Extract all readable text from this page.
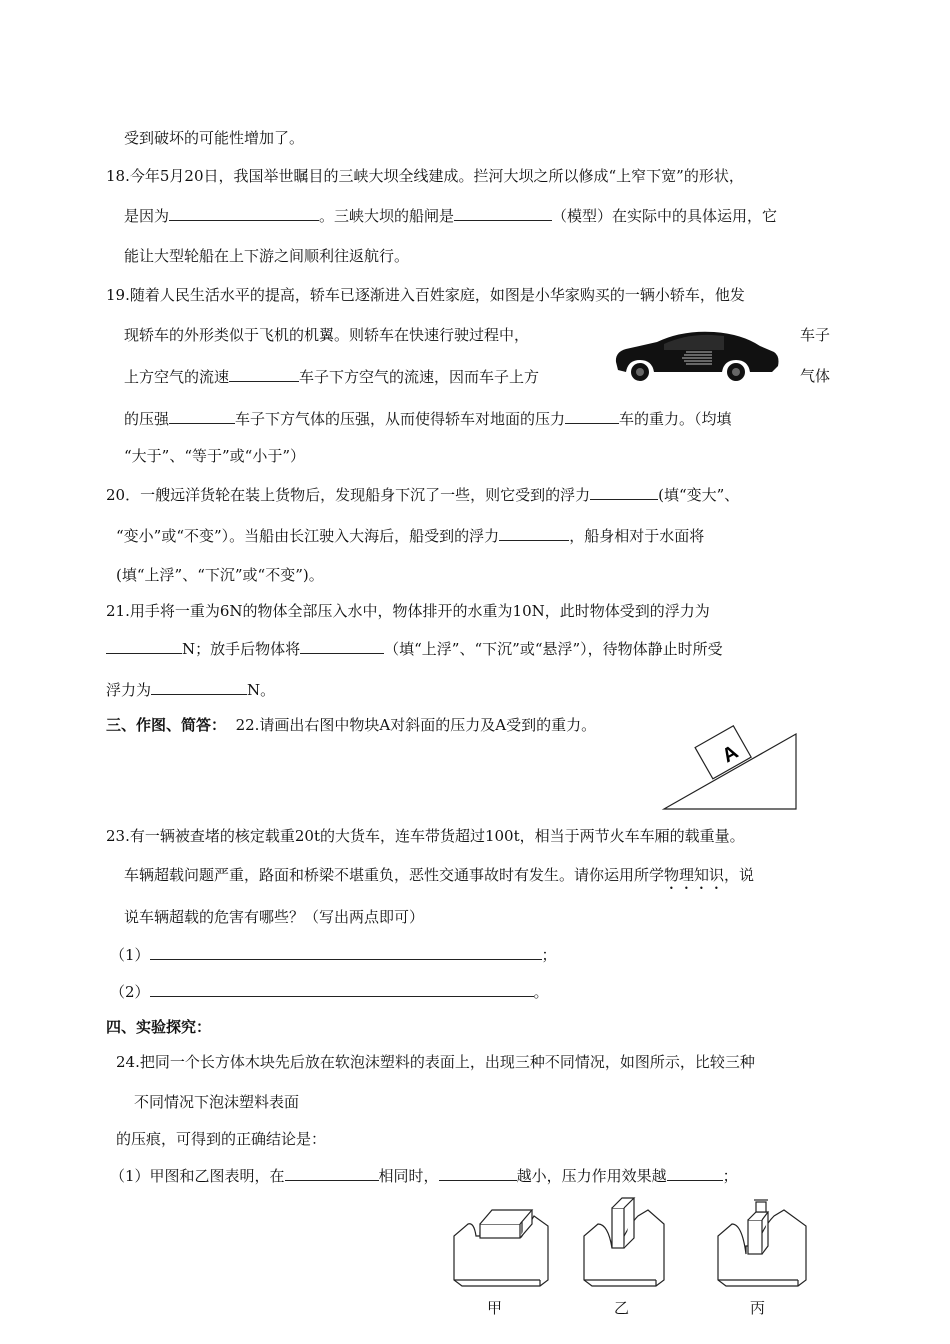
受到破坏的可能性增加了。
18.今年5月20日，我国举世瞩目的三峡大坝全线建成。拦河大坝之所以修成“上窄下宽”的形状，
是因为	。三峡大坝的船闸是	（模型）在实际中的具体运用，它
能让大型轮船在上下游之间顺利往返航行。
19.随着人民生活水平的提高，轿车已逐渐进入百姓家庭，如图是小华家购买的一辆小轿车，他发
现轿车的外形类似于飞机的机翼。则轿车在快速行驶过程中，	车子
上方空气的流速	车子下方空气的流速，因而车子上方	气体
的压强	车子下方气体的压强，从而使得轿车对地面的压力	车的重力。（均填
“大于”、“等于”或“小于”）
20．一艘远洋货轮在装上货物后，发现船身下沉了一些，则它受到的浮力	(填“变大”、
“变小”或“不变”）。当船由长江驶入大海后，船受到的浮力	，船身相对于水面将
(填“上浮”、“下沉”或“不变”)。
21.用手将一重为6N的物体全部压入水中，物体排开的水重为10N，此时物体受到的浮力为
N；放手后物体将	（填“上浮”、“下沉”或“悬浮”），待物体静止时所受
浮力为	N。
三、作图、简答： 22.请画出右图中物块A对斜面的压力及A受到的重力。
A
23.有一辆被查堵的核定载重20t的大货车，连车带货超过100t，相当于两节火车车厢的载重量。
车辆超载问题严重，路面和桥梁不堪重负，恶性交通事故时有发生。请你运用所学物理知识，说
说车辆超载的危害有哪些？（写出两点即可）
（1）	；
（2）	。
四、实验探究：
24.把同一个长方体木块先后放在软泡沫塑料的表面上，出现三种不同情况，如图所示，比较三种
不同情况下泡沫塑料表面
的压痕，可得到的正确结论是：
（1）甲图和乙图表明，在	相同时，	越小，压力作用效果越	；
甲	乙	丙
